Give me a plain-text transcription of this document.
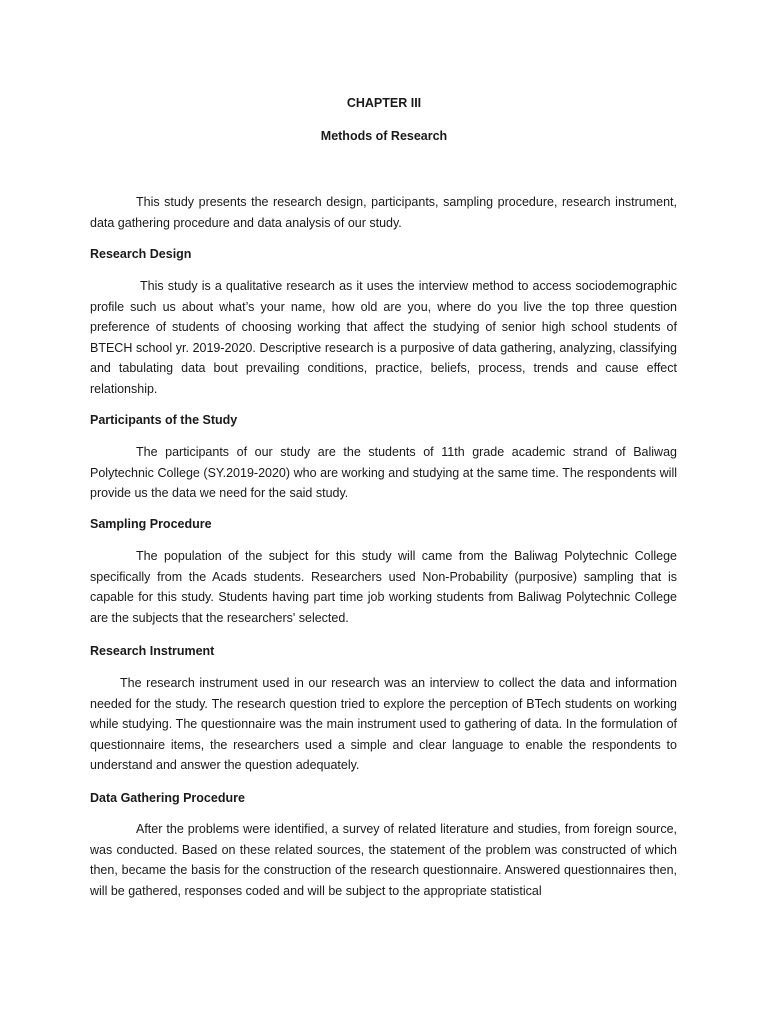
CHAPTER III
Methods of Research

This study presents the research design, participants, sampling procedure, research instrument, data gathering procedure and data analysis of our study.

Research Design

This study is a qualitative research as it uses the interview method to access sociodemographic profile such us about what’s your name, how old are you, where do you live the top three question preference of students of choosing working that affect the studying of senior high school students of BTECH school yr. 2019-2020. Descriptive research is a purposive of data gathering, analyzing, classifying and tabulating data bout prevailing conditions, practice, beliefs, process, trends and cause effect relationship.

Participants of the Study

The participants of our study are the students of 11th grade academic strand of Baliwag Polytechnic College (SY.2019-2020) who are working and studying at the same time. The respondents will provide us the data we need for the said study.

Sampling Procedure

The population of the subject for this study will came from the Baliwag Polytechnic College specifically from the Acads students. Researchers used Non-Probability (purposive) sampling that is capable for this study. Students having part time job working students from Baliwag Polytechnic College are the subjects that the researchers' selected.

Research Instrument

The research instrument used in our research was an interview to collect the data and information needed for the study. The research question tried to explore the perception of BTech students on working while studying. The questionnaire was the main instrument used to gathering of data. In the formulation of questionnaire items, the researchers used a simple and clear language to enable the respondents to understand and answer the question adequately.

Data Gathering Procedure

After the problems were identified, a survey of related literature and studies, from foreign source, was conducted. Based on these related sources, the statement of the problem was constructed of which then, became the basis for the construction of the research questionnaire. Answered questionnaires then, will be gathered, responses coded and will be subject to the appropriate statistical
